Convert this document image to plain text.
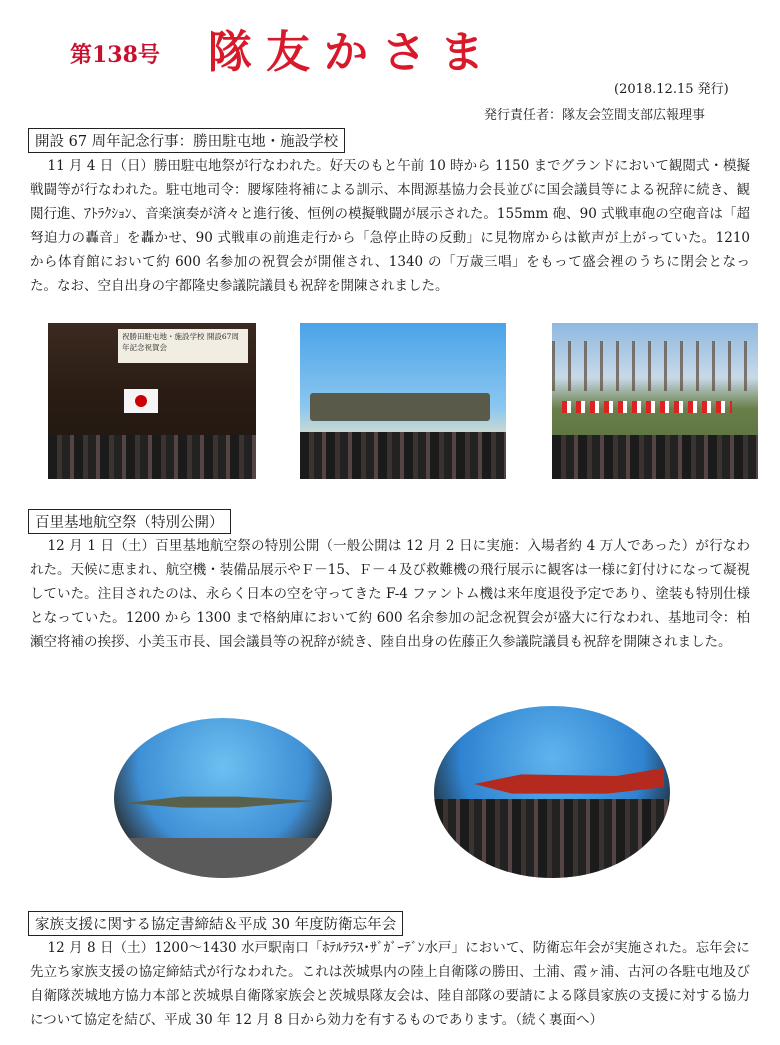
第138号 隊友かさま
(2018.12.15 発行)
発行責任者：隊友会笠間支部広報理事
開設 67 周年記念行事：勝田駐屯地・施設学校
11 月 4 日（日）勝田駐屯地祭が行なわれた。好天のもと午前 10 時から 1150 までグランドにおいて観閲式・模擬戦闘等が行なわれた。駐屯地司令：腰塚陸将補による訓示、本間源基協力会長並びに国会議員等による祝辞に続き、観閲行進、ｱﾄﾗｸｼｮﾝ、音楽演奏が済々と進行後、恒例の模擬戦闘が展示された。155mm 砲、90 式戦車砲の空砲音は「超弩迫力の轟音」を轟かせ、90 式戦車の前進走行から「急停止時の反動」に見物席からは歓声が上がっていた。1210 から体育館において約 600 名参加の祝賀会が開催され、1340 の「万歳三唱」をもって盛会裡のうちに閉会となった。なお、空自出身の宇都隆史参議院議員も祝辞を開陳されました。
祝勝田駐屯地・施設学校 開設67周年記念祝賀会
百里基地航空祭（特別公開）
12 月 1 日（土）百里基地航空祭の特別公開（一般公開は 12 月 2 日に実施：入場者約 4 万人であった）が行なわれた。天候に恵まれ、航空機・装備品展示やＦ－15、Ｆ－４及び救難機の飛行展示に観客は一様に釘付けになって凝視していた。注目されたのは、永らく日本の空を守ってきた F-4 ファントム機は来年度退役予定であり、塗装も特別仕様となっていた。1200 から 1300 まで格納庫において約 600 名余参加の記念祝賀会が盛大に行なわれ、基地司令：柏瀬空将補の挨拶、小美玉市長、国会議員等の祝辞が続き、陸自出身の佐藤正久参議院議員も祝辞を開陳されました。
家族支援に関する協定書締結＆平成 30 年度防衛忘年会
12 月 8 日（土）1200～1430 水戸駅南口「ﾎﾃﾙﾃﾗｽ･ｻﾞｶﾞｰﾃﾞﾝ水戸」において、防衛忘年会が実施された。忘年会に先立ち家族支援の協定締結式が行なわれた。これは茨城県内の陸上自衛隊の勝田、土浦、霞ヶ浦、古河の各駐屯地及び自衛隊茨城地方協力本部と茨城県自衛隊家族会と茨城県隊友会は、陸自部隊の要請による隊員家族の支援に対する協力について協定を結び、平成 30 年 12 月 8 日から効力を有するものであります。（続く裏面へ）
